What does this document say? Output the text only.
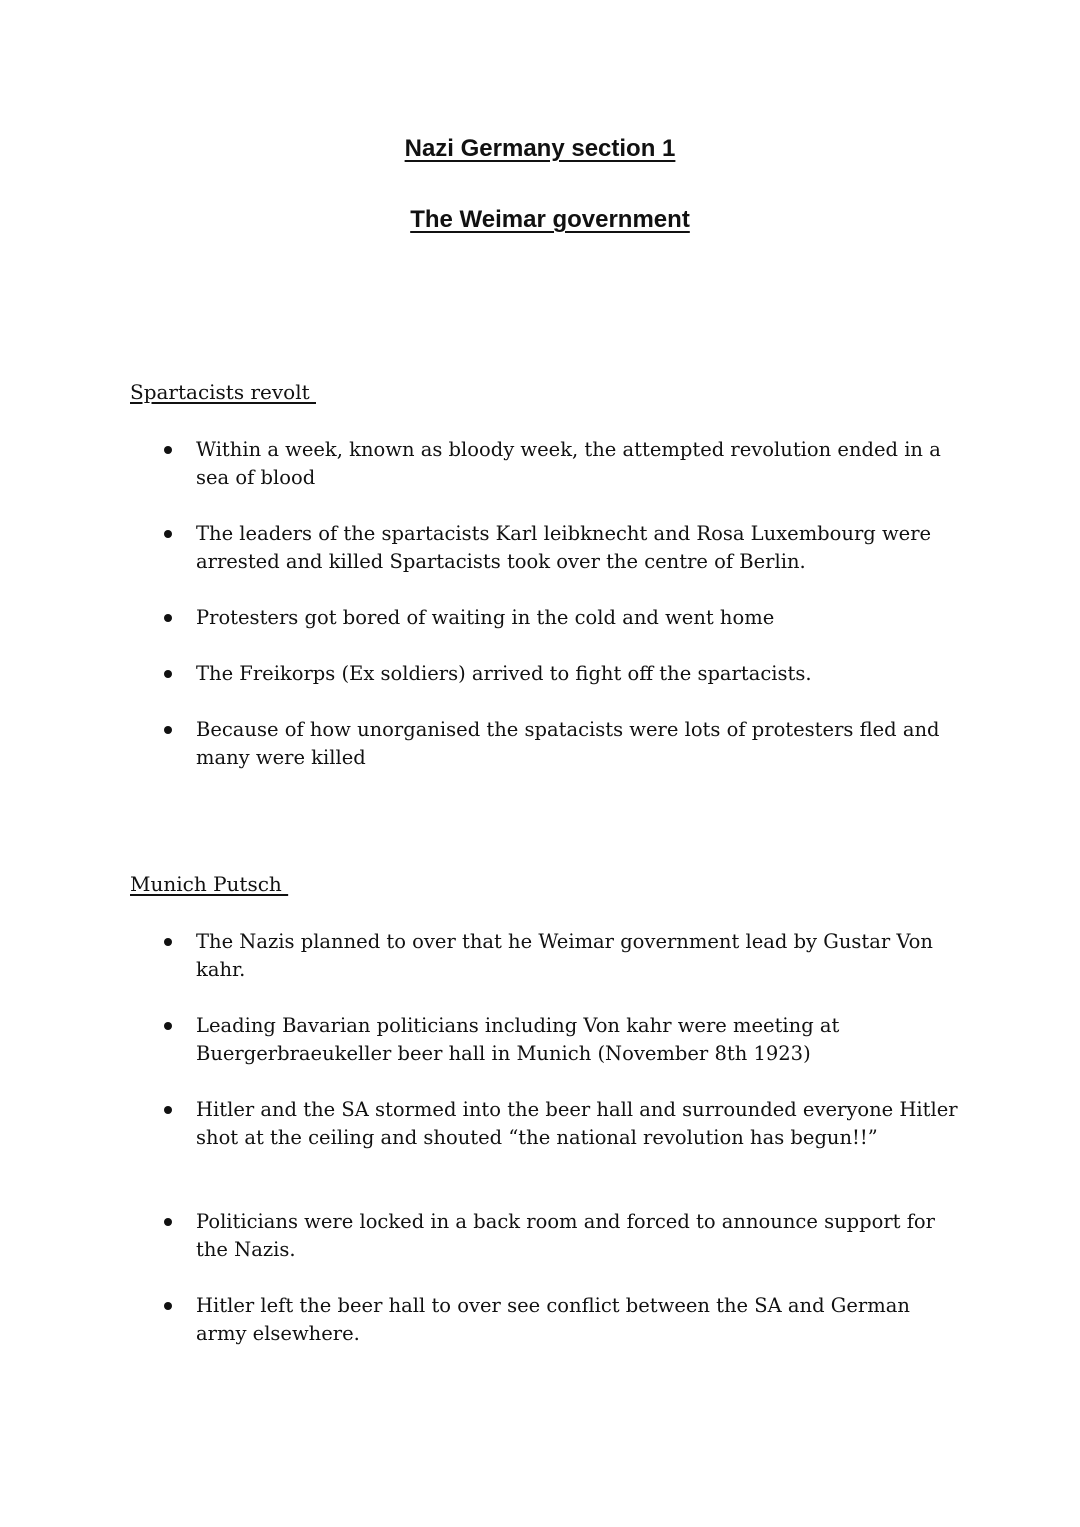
Nazi Germany section 1
The Weimar government
Spartacists revolt
Within a week, known as bloody week, the attempted revolution ended in a sea of blood
The leaders of the spartacists Karl leibknecht and Rosa Luxembourg were arrested and killed Spartacists took over the centre of Berlin.
Protesters got bored of waiting in the cold and went home
The Freikorps (Ex soldiers) arrived to fight off the spartacists.
Because of how unorganised the spatacists were lots of protesters fled and many were killed
Munich Putsch
The Nazis planned to over that he Weimar government lead by Gustar Von kahr.
Leading Bavarian politicians including Von kahr were meeting at Buergerbraeukeller beer hall in Munich (November 8th 1923)
Hitler and the SA stormed into the beer hall and surrounded everyone Hitler shot at the ceiling and shouted “the national revolution has begun!!”
Politicians were locked in a back room and forced to announce support for the Nazis.
Hitler left the beer hall to over see conflict between the SA and German army elsewhere.
